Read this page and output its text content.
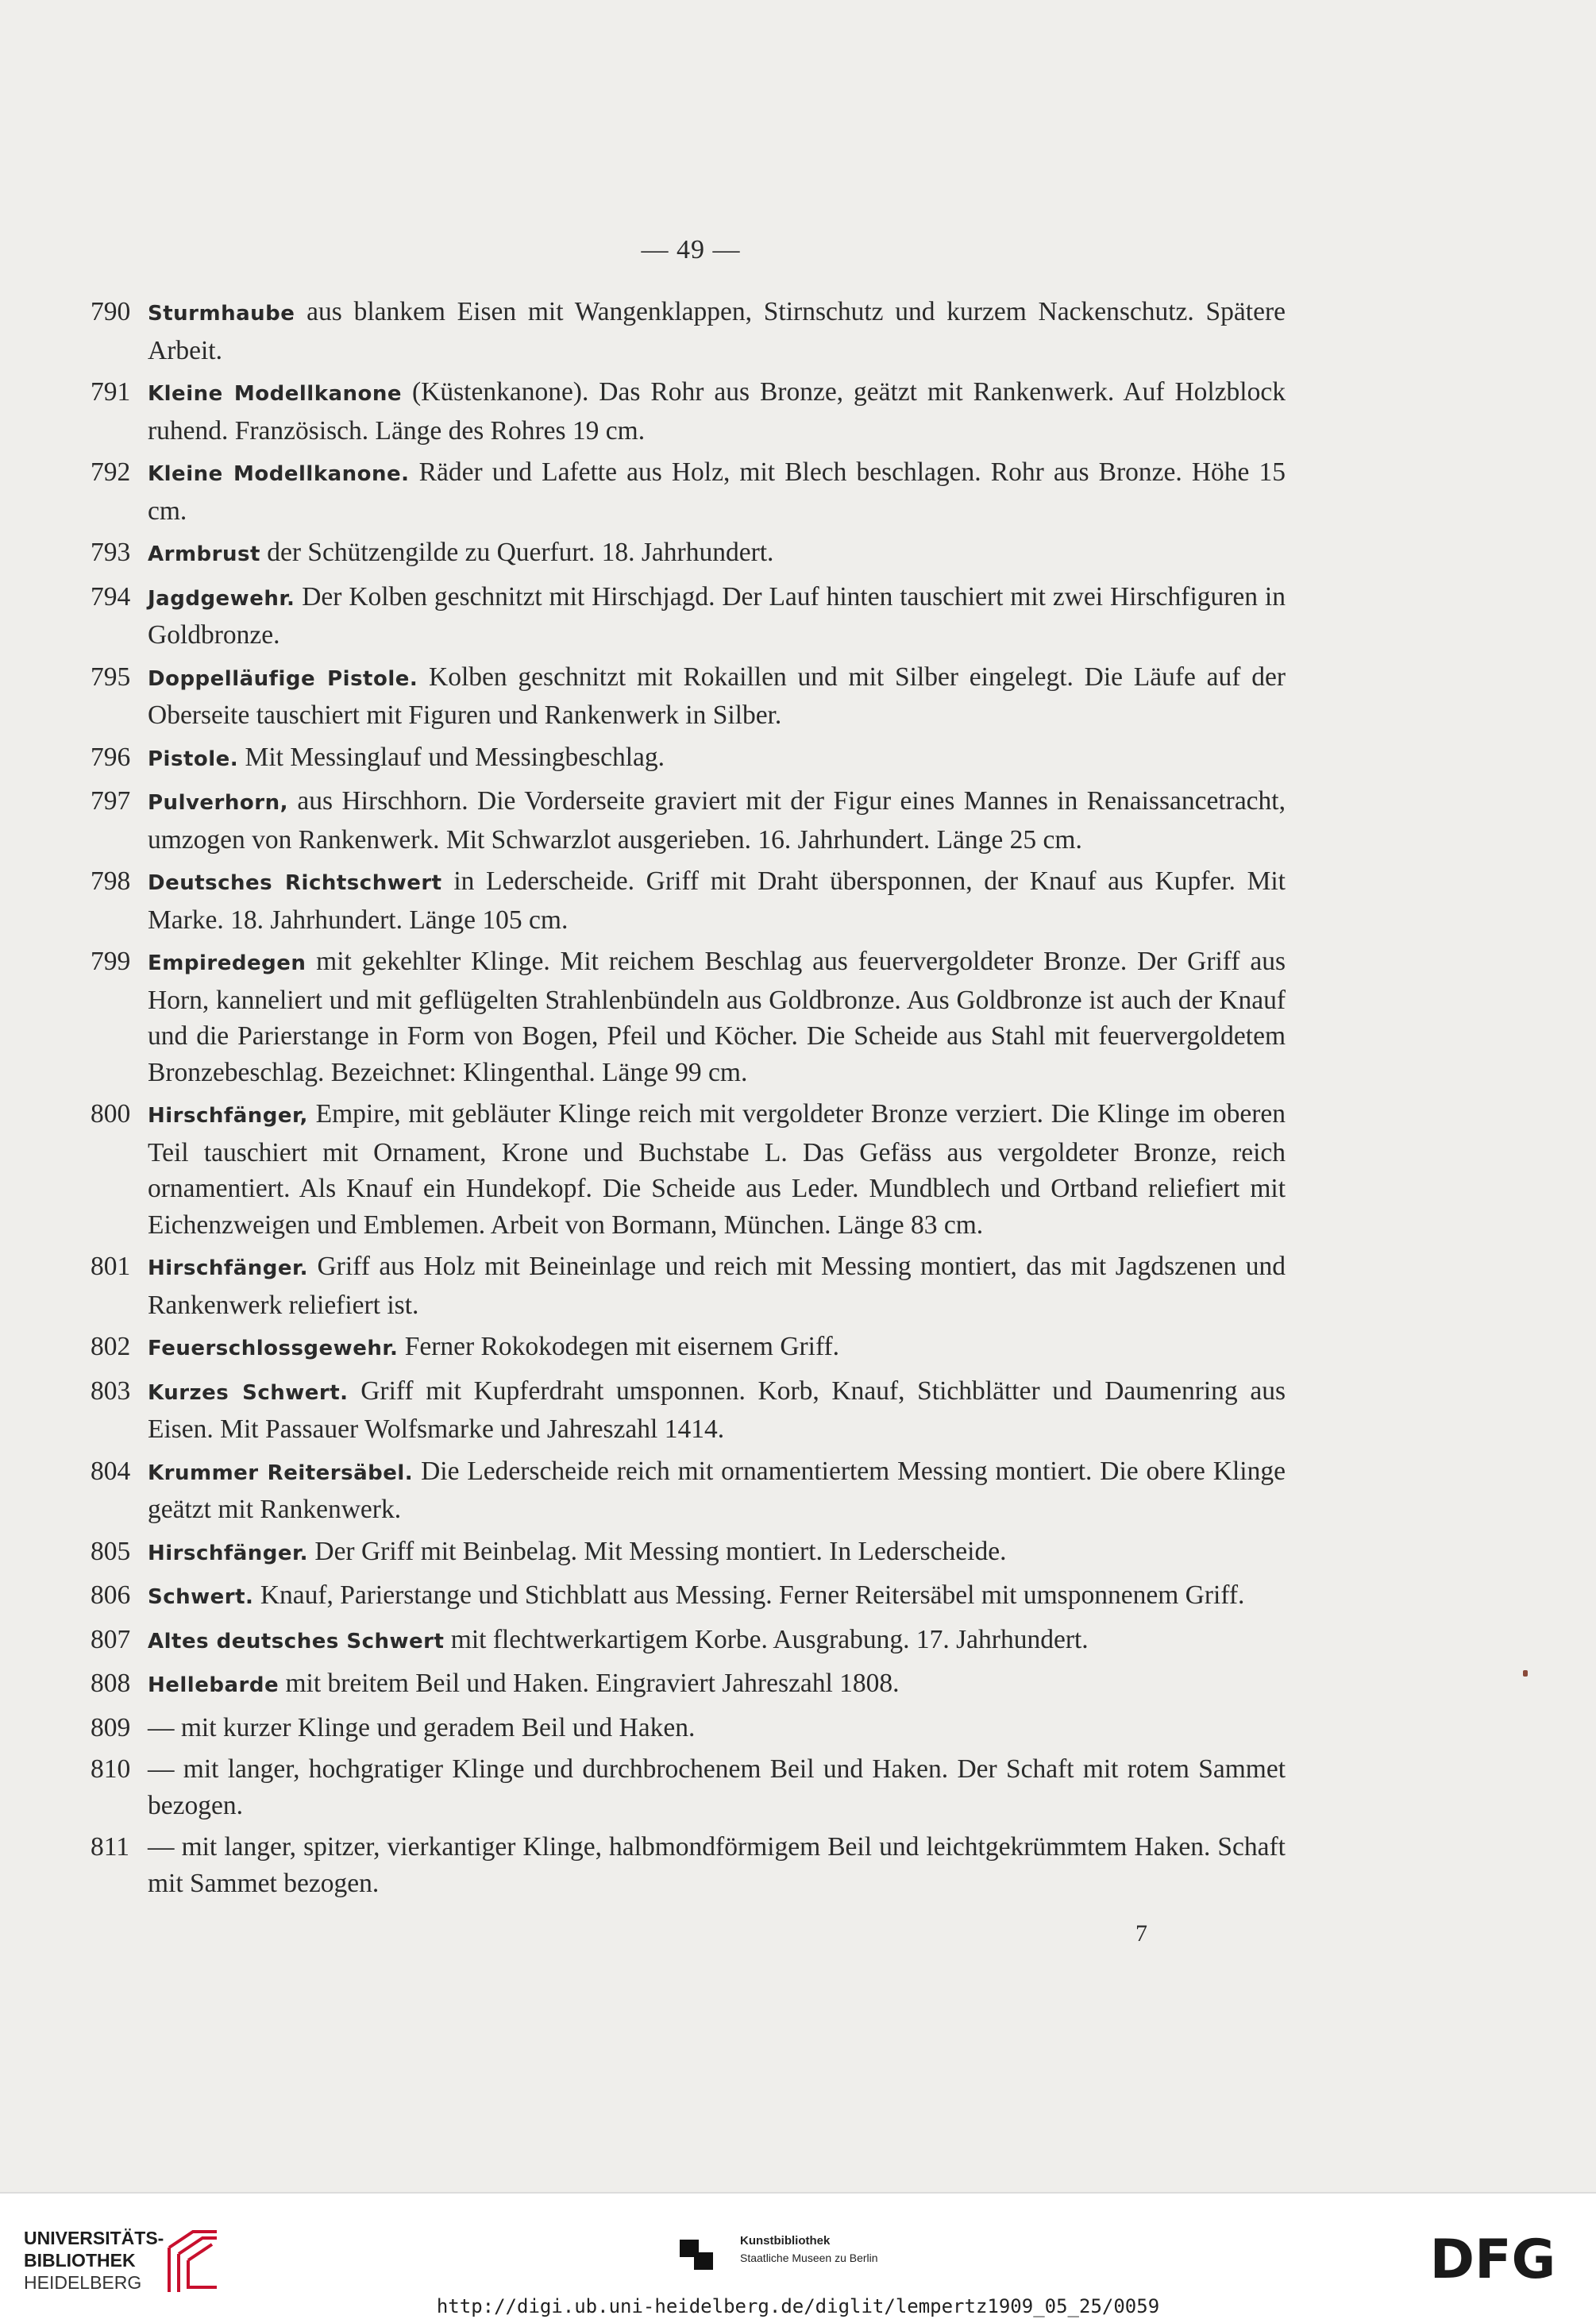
— 49 —
790 Sturmhaube aus blankem Eisen mit Wangenklappen, Stirnschutz und kurzem Nackenschutz. Spätere Arbeit.
791 Kleine Modellkanone (Küstenkanone). Das Rohr aus Bronze, geätzt mit Rankenwerk. Auf Holzblock ruhend. Französisch. Länge des Rohres 19 cm.
792 Kleine Modellkanone. Räder und Lafette aus Holz, mit Blech beschlagen. Rohr aus Bronze. Höhe 15 cm.
793 Armbrust der Schützengilde zu Querfurt. 18. Jahrhundert.
794 Jagdgewehr. Der Kolben geschnitzt mit Hirschjagd. Der Lauf hinten tauschiert mit zwei Hirschfiguren in Goldbronze.
795 Doppelläufige Pistole. Kolben geschnitzt mit Rokaillen und mit Silber eingelegt. Die Läufe auf der Oberseite tauschiert mit Figuren und Rankenwerk in Silber.
796 Pistole. Mit Messinglauf und Messingbeschlag.
797 Pulverhorn, aus Hirschhorn. Die Vorderseite graviert mit der Figur eines Mannes in Renaissancetracht, umzogen von Rankenwerk. Mit Schwarzlot ausgerieben. 16. Jahrhundert. Länge 25 cm.
798 Deutsches Richtschwert in Lederscheide. Griff mit Draht übersponnen, der Knauf aus Kupfer. Mit Marke. 18. Jahrhundert. Länge 105 cm.
799 Empiredegen mit gekehlter Klinge. Mit reichem Beschlag aus feuervergoldeter Bronze. Der Griff aus Horn, kanneliert und mit geflügelten Strahlenbündeln aus Goldbronze. Aus Goldbronze ist auch der Knauf und die Parierstange in Form von Bogen, Pfeil und Köcher. Die Scheide aus Stahl mit feuervergoldetem Bronzebeschlag. Bezeichnet: Klingenthal. Länge 99 cm.
800 Hirschfänger, Empire, mit gebläuter Klinge reich mit vergoldeter Bronze verziert. Die Klinge im oberen Teil tauschiert mit Ornament, Krone und Buchstabe L. Das Gefäss aus vergoldeter Bronze, reich ornamentiert. Als Knauf ein Hundekopf. Die Scheide aus Leder. Mundblech und Ortband reliefiert mit Eichenzweigen und Emblemen. Arbeit von Bormann, München. Länge 83 cm.
801 Hirschfänger. Griff aus Holz mit Beineinlage und reich mit Messing montiert, das mit Jagdszenen und Rankenwerk reliefiert ist.
802 Feuerschlossgewehr. Ferner Rokokodegen mit eisernem Griff.
803 Kurzes Schwert. Griff mit Kupferdraht umsponnen. Korb, Knauf, Stichblätter und Daumenring aus Eisen. Mit Passauer Wolfsmarke und Jahreszahl 1414.
804 Krummer Reitersäbel. Die Lederscheide reich mit ornamentiertem Messing montiert. Die obere Klinge geätzt mit Rankenwerk.
805 Hirschfänger. Der Griff mit Beinbelag. Mit Messing montiert. In Lederscheide.
806 Schwert. Knauf, Parierstange und Stichblatt aus Messing. Ferner Reitersäbel mit umsponnenem Griff.
807 Altes deutsches Schwert mit flechtwerkartigem Korbe. Ausgrabung. 17. Jahrhundert.
808 Hellebarde mit breitem Beil und Haken. Eingraviert Jahreszahl 1808.
809 — mit kurzer Klinge und geradem Beil und Haken.
810 — mit langer, hochgratiger Klinge und durchbrochenem Beil und Haken. Der Schaft mit rotem Sammet bezogen.
811 — mit langer, spitzer, vierkantiger Klinge, halbmondförmigem Beil und leichtgekrümmtem Haken. Schaft mit Sammet bezogen.
7
UNIVERSITÄTS-
BIBLIOTHEK
HEIDELBERG
Kunstbibliothek
Staatliche Museen zu Berlin	DFG
http://digi.ub.uni-heidelberg.de/diglit/lempertz1909_05_25/0059
